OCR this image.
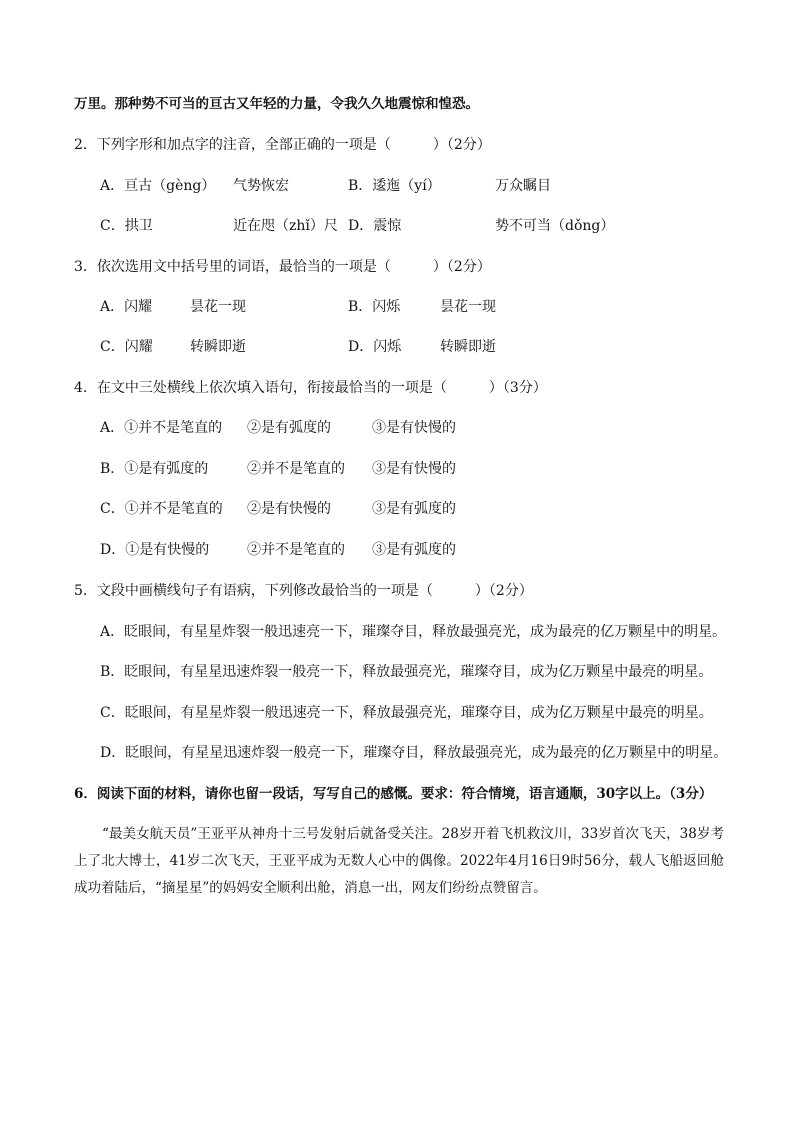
万里。那种势不可当的亘古又年轻的力量，令我久久地震惊和惶恐。
2．下列字形和加点字的注音，全部正确的一项是（　　　）（2分）
A．亘古（gèng） 气势恢宏	B．逶迤（yí）	万众瞩目
C．拱卫	近在咫（zhǐ）尺 D．震惊	势不可当（dǒng）
3．依次选用文中括号里的词语，最恰当的一项是（　　　）（2分）
A．闪耀	昙花一现	B．闪烁	昙花一现
C．闪耀	转瞬即逝	D．闪烁	转瞬即逝
4．在文中三处横线上依次填入语句，衔接最恰当的一项是（　　　）（3分）
A．①并不是笔直的 ②是有弧度的	③是有快慢的
B．①是有弧度的	②并不是笔直的 ③是有快慢的
C．①并不是笔直的 ②是有快慢的	③是有弧度的
D．①是有快慢的	②并不是笔直的 ③是有弧度的
5．文段中画横线句子有语病，下列修改最恰当的一项是（　　　）（2分）
A．眨眼间，有星星炸裂一般迅速亮一下，璀璨夺目，释放最强亮光，成为最亮的亿万颗星中的明星。
B．眨眼间，有星星迅速炸裂一般亮一下，释放最强亮光，璀璨夺目，成为亿万颗星中最亮的明星。
C．眨眼间，有星星炸裂一般迅速亮一下，释放最强亮光，璀璨夺目，成为亿万颗星中最亮的明星。
D．眨眼间，有星星迅速炸裂一般亮一下，璀璨夺目，释放最强亮光，成为最亮的亿万颗星中的明星。
6．阅读下面的材料，请你也留一段话，写写自己的感慨。要求：符合情境，语言通顺，30字以上。（3分）
“最美女航天员”王亚平从神舟十三号发射后就备受关注。28岁开着飞机救汶川，33岁首次飞天，38岁考上了北大博士，41岁二次飞天，王亚平成为无数人心中的偶像。2022年4月16日9时56分，载人飞船返回舱成功着陆后，“摘星星”的妈妈安全顺利出舱，消息一出，网友们纷纷点赞留言。
